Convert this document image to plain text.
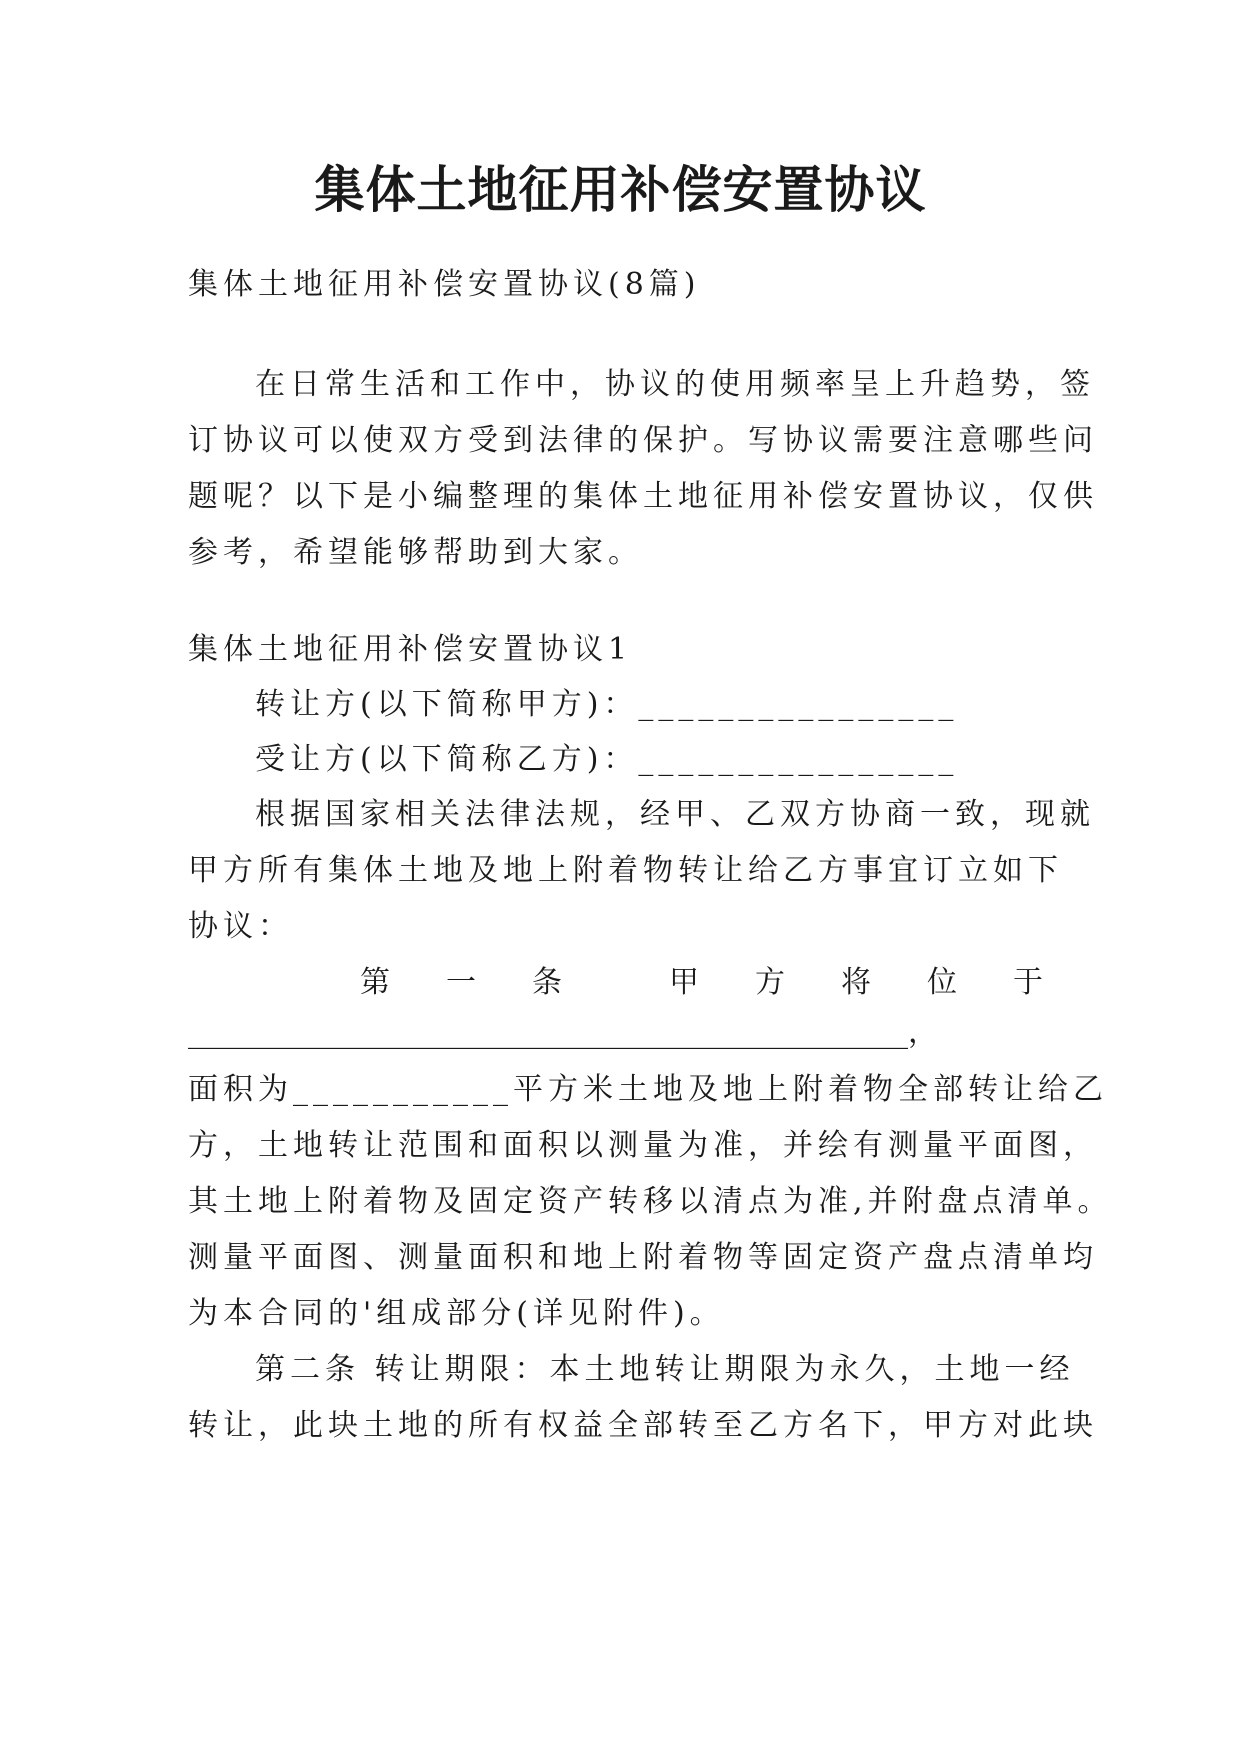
集体土地征用补偿安置协议

集体土地征用补偿安置协议(8篇)

在日常生活和工作中，协议的使用频率呈上升趋势，签

订协议可以使双方受到法律的保护。写协议需要注意哪些问

题呢？以下是小编整理的集体土地征用补偿安置协议，仅供

参考，希望能够帮助到大家。

集体土地征用补偿安置协议1

转让方(以下简称甲方)：________________

受让方(以下简称乙方)：________________

根据国家相关法律法规，经甲、乙双方协商一致，现就

甲方所有集体土地及地上附着物转让给乙方事宜订立如下

协议：

第 一 条	甲 方 将 位 于

________________________________________________，

面积为___________平方米土地及地上附着物全部转让给乙

方，土地转让范围和面积以测量为准，并绘有测量平面图，

其土地上附着物及固定资产转移以清点为准,并附盘点清单。

测量平面图、测量面积和地上附着物等固定资产盘点清单均

为本合同的'组成部分(详见附件)。

第二条 转让期限：本土地转让期限为永久，土地一经

转让，此块土地的所有权益全部转至乙方名下，甲方对此块
